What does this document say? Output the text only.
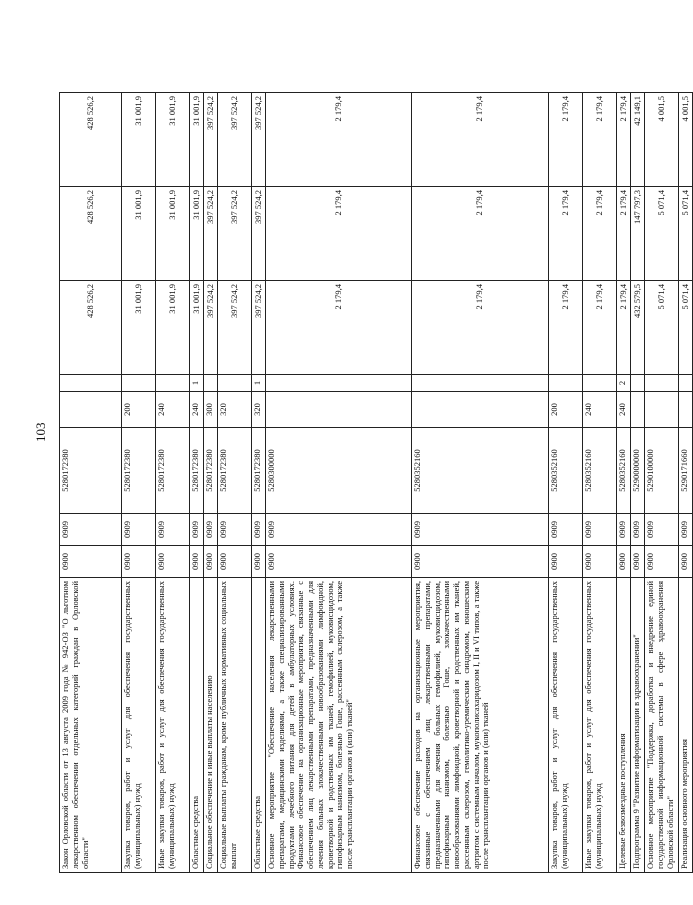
103
Закон Орловской области от 13 августа 2009 года № 942-ОЗ "О льготном лекарственном обеспечении отдельных категорий граждан в Орловской области"	0900	0909	5280172380			428 526,2	428 526,2	428 526,2
Закупка товаров, работ и услуг для обеспечения государственных (муниципальных) нужд	0900	0909	5280172380	200		31 001,9	31 001,9	31 001,9
Иные закупки товаров, работ и услуг для обеспечения государственных (муниципальных) нужд	0900	0909	5280172380	240		31 001,9	31 001,9	31 001,9
Областные средства	0900	0909	5280172380	240	1	31 001,9	31 001,9	31 001,9
Социальное обеспечение и иные выплаты населению	0900	0909	5280172380	300		397 524,2	397 524,2	397 524,2
Социальные выплаты гражданам, кроме публичных нормативных социальных выплат	0900	0909	5280172380	320		397 524,2	397 524,2	397 524,2
Областные средства	0900	0909	5280172380	320	1	397 524,2	397 524,2	397 524,2
Основное мероприятие "Обеспечение населения лекарственными препаратами, медицинскими изделиями, а также специализированными продуктами лечебного питания для детей в амбулаторных условиях. Финансовое обеспечение на организационные мероприятия, связанные с обеспечением лиц лекарственными препаратами, предназначенными для лечения больных злокачественными новообразованиями лимфоидной, кроветворной и родственных им тканей, гемофилией, муковисцидозом, гипофизарным нанизмом, болезнью Гоше, рассеянным склерозом, а также после трансплантации органов и (или) тканей"	0900	0909	5280300000			2 179,4	2 179,4	2 179,4
Финансовое обеспечение расходов на организационные мероприятия, связанные с обеспечением лиц лекарственными препаратами, предназначенными для лечения больных гемофилией, муковисцидозом, гипофизарным нанизмом, болезнью Гоше, злокачественными новообразованиями лимфоидной, кроветворной и родственных им тканей, рассеянным склерозом, гемолитико-уремическим синдромом, юношеским артритом с системным началом, мукополисахаридозом I, II и VI типов, а также после трансплантации органов и (или) тканей	0900	0909	5280352160			2 179,4	2 179,4	2 179,4
Закупка товаров, работ и услуг для обеспечения государственных (муниципальных) нужд	0900	0909	5280352160	200		2 179,4	2 179,4	2 179,4
Иные закупки товаров, работ и услуг для обеспечения государственных (муниципальных) нужд	0900	0909	5280352160	240		2 179,4	2 179,4	2 179,4
Целевые безвозмездные поступления	0900	0909	5280352160	240	2	2 179,4	2 179,4	2 179,4
Подпрограмма 9 "Развитие информатизации в здравоохранении"	0900	0909	5290000000			432 579,5	147 797,3	42 149,1
Основное мероприятие "Поддержка, доработка и внедрение единой государственной информационной системы в сфере здравоохранения Орловской области"	0900	0909	5290100000			5 071,4	5 071,4	4 001,5
Реализация основного мероприятия	0900	0909	5290171660			5 071,4	5 071,4	4 001,5
